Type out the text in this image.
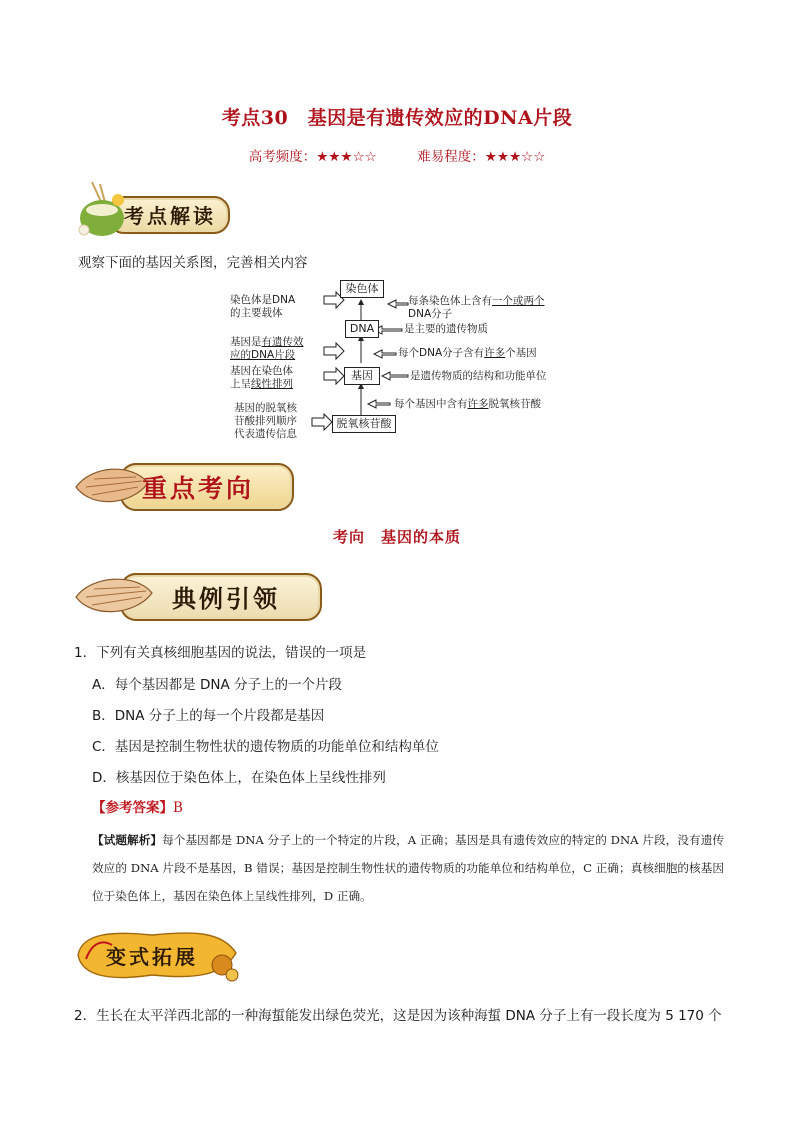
考点30　基因是有遗传效应的DNA片段
高考频度：★★★☆☆	难易程度：★★★☆☆
考点解读
观察下面的基因关系图，完善相关内容
染色体
DNA
基因
脱氧核苷酸
染色体是DNA
的主要载体
基因是有遗传效
应的DNA片段
基因在染色体
上呈线性排列
基因的脱氧核
苷酸排列顺序
代表遗传信息
每条染色体上含有一个或两个
DNA分子
是主要的遗传物质
每个DNA分子含有许多个基因
是遗传物质的结构和功能单位
每个基因中含有许多脱氧核苷酸
重点考向
考向　基因的本质
典例引领
1．下列有关真核细胞基因的说法，错误的一项是
A．每个基因都是 DNA 分子上的一个片段
B．DNA 分子上的每一个片段都是基因
C．基因是控制生物性状的遗传物质的功能单位和结构单位
D．核基因位于染色体上，在染色体上呈线性排列
【参考答案】B
【试题解析】每个基因都是 DNA 分子上的一个特定的片段，A 正确；基因是具有遗传效应的特定的 DNA 片段，没有遗传效应的 DNA 片段不是基因，B 错误；基因是控制生物性状的遗传物质的功能单位和结构单位，C 正确；真核细胞的核基因位于染色体上，基因在染色体上呈线性排列，D 正确。
变式拓展
2．生长在太平洋西北部的一种海蜇能发出绿色荧光，这是因为该种海蜇 DNA 分子上有一段长度为 5 170 个
